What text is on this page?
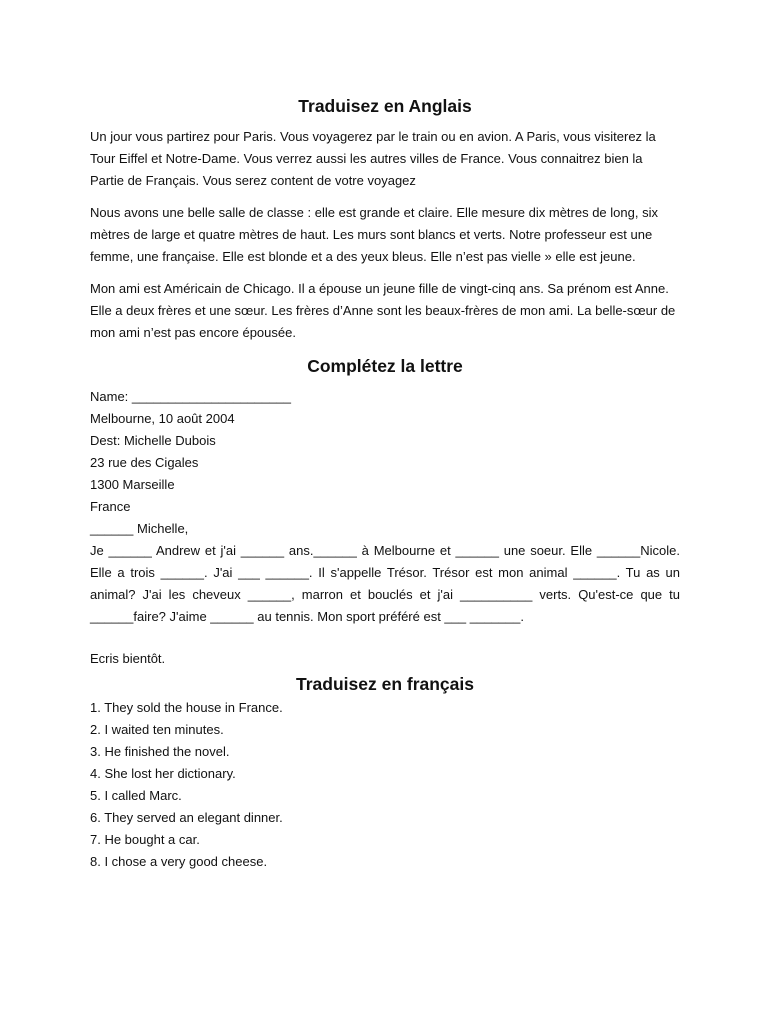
Traduisez en Anglais

Un jour vous partirez pour Paris. Vous voyagerez par le train ou en avion. A Paris, vous visiterez la Tour Eiffel et Notre-Dame. Vous verrez aussi les autres villes de France. Vous connaitrez bien la Partie de Français. Vous serez content de votre voyagez

Nous avons une belle salle de classe : elle est grande et claire. Elle mesure dix mètres de long, six mètres de large et quatre mètres de haut. Les murs sont blancs et verts. Notre professeur est une femme, une française. Elle est blonde et a des yeux bleus. Elle n’est pas vielle » elle est jeune.

Mon ami est Américain de Chicago. Il a épouse un jeune fille de vingt-cinq ans. Sa prénom est Anne. Elle a deux frères et une sœur. Les frères d’Anne sont les beaux-frères de mon ami. La belle-sœur de mon ami n’est pas encore épousée.

Complétez la lettre
Name: ______________________
Melbourne, 10 août 2004
Dest: Michelle Dubois
23 rue des Cigales
1300 Marseille
France
______ Michelle,

Je ______ Andrew et j'ai ______ ans.______ à Melbourne et ______ une soeur. Elle ______Nicole. Elle a trois ______. J'ai ___ ______. Il s'appelle Trésor. Trésor est mon animal ______. Tu as un animal? J'ai les cheveux ______, marron et bouclés et j'ai __________ verts. Qu'est-ce que tu ______faire? J'aime ______ au tennis. Mon sport préféré est ___ _______.

Ecris bientôt.
Traduisez en français
1. They sold the house in France.
2. I waited ten minutes.
3. He finished the novel.
4. She lost her dictionary.
5. I called Marc.
6. They served an elegant dinner.
7. He bought a car.
8. I chose a very good cheese.
